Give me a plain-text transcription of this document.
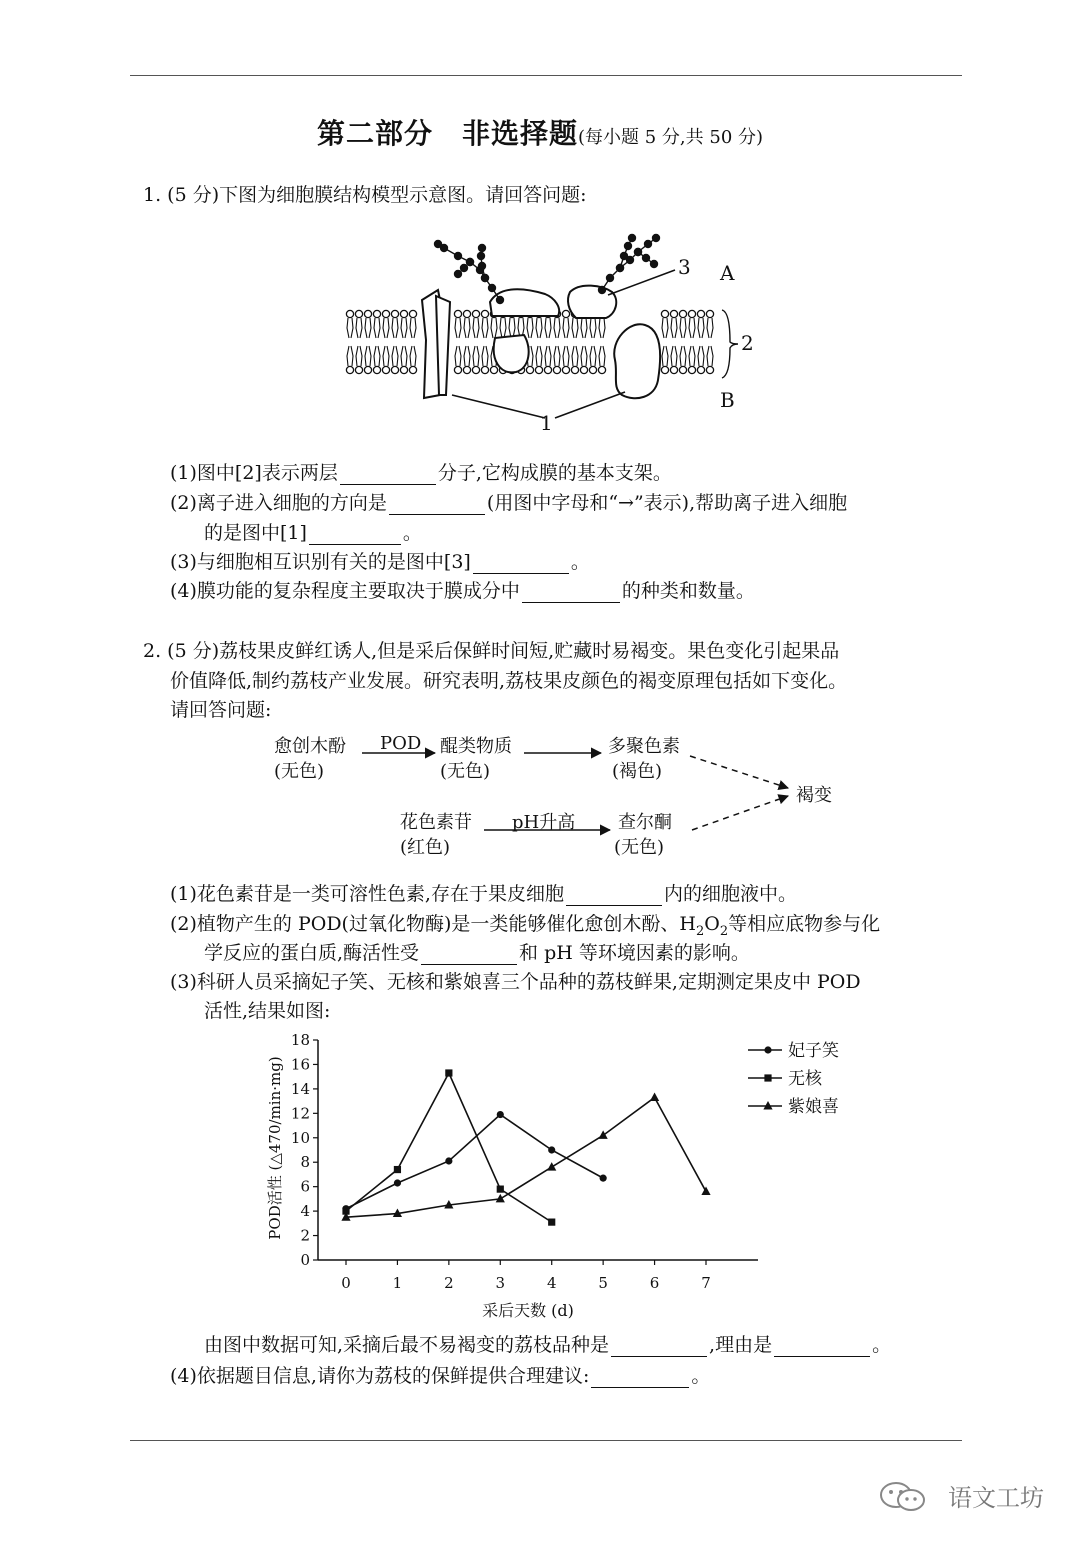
第二部分　非选择题(每小题 5 分,共 50 分)
1. (5 分)下图为细胞膜结构模型示意图。请回答问题:
3 A
2
B
1
(1)图中[2]表示两层	分子,它构成膜的基本支架。
(2)离子进入细胞的方向是	(用图中字母和“→”表示),帮助离子进入细胞
的是图中[1]	。
(3)与细胞相互识别有关的是图中[3]	。
(4)膜功能的复杂程度主要取决于膜成分中	的种类和数量。
2. (5 分)荔枝果皮鲜红诱人,但是采后保鲜时间短,贮藏时易褐变。果色变化引起果品
价值降低,制约荔枝产业发展。研究表明,荔枝果皮颜色的褐变原理包括如下变化。
请回答问题:
愈创木酚
(无色)
POD 醌类物质
(无色)
多聚色素
(褐色)
花色素苷
(红色)
pH升高 查尔酮
(无色)
褐变
(1)花色素苷是一类可溶性色素,存在于果皮细胞	内的细胞液中。
(2)植物产生的 POD(过氧化物酶)是一类能够催化愈创木酚、$H_2O_2$等相应底物参与化
学反应的蛋白质,酶活性受	和 pH 等环境因素的影响。
(3)科研人员采摘妃子笑、无核和紫娘喜三个品种的荔枝鲜果,定期测定果皮中 POD
活性,结果如图:
0
2
4
6
8
10
12
14
16
18
0	1	2	3	4	5	6	7
妃子笑
无核
紫娘喜
采后天数 (d)
POD活性 (△470/min·mg)
由图中数据可知,采摘后最不易褐变的荔枝品种是	,理由是	。
(4)依据题目信息,请你为荔枝的保鲜提供合理建议:	。
语文工坊
